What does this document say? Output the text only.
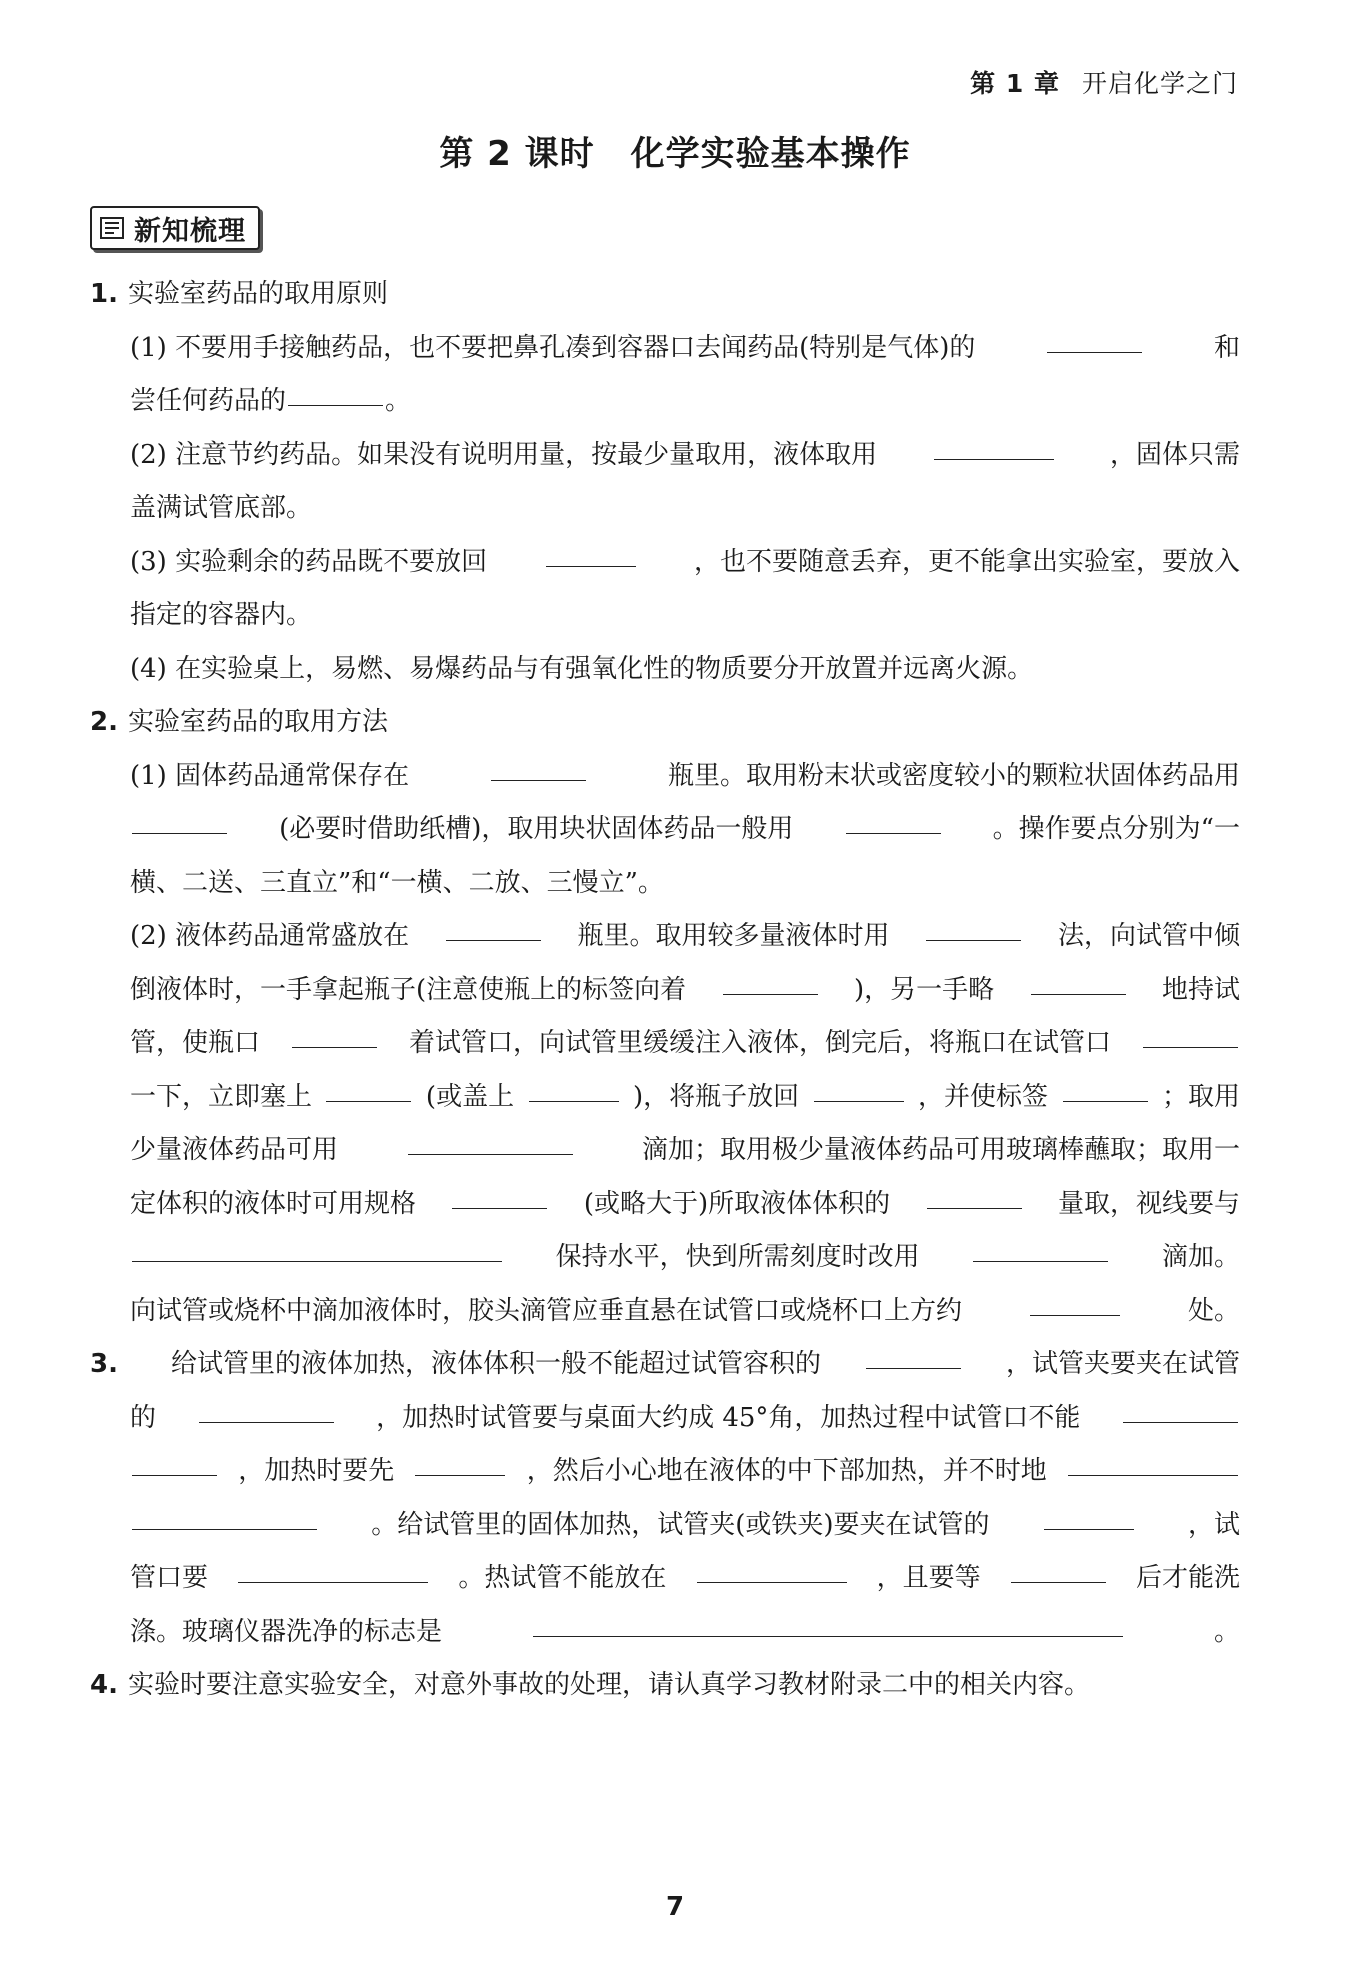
第 1 章 开启化学之门
第 2 课时 化学实验基本操作
新知梳理
1. 实验室药品的取用原则
(1) 不要用手接触药品，也不要把鼻孔凑到容器口去闻药品(特别是气体)的	和
尝任何药品的	。
(2) 注意节约药品。如果没有说明用量，按最少量取用，液体取用	，固体只需
盖满试管底部。
(3) 实验剩余的药品既不要放回	，也不要随意丢弃，更不能拿出实验室，要放入
指定的容器内。
(4) 在实验桌上，易燃、易爆药品与有强氧化性的物质要分开放置并远离火源。
2. 实验室药品的取用方法
(1) 固体药品通常保存在	瓶里。取用粉末状或密度较小的颗粒状固体药品用
(必要时借助纸槽)，取用块状固体药品一般用	。操作要点分别为“一
横、二送、三直立”和“一横、二放、三慢立”。
(2) 液体药品通常盛放在	瓶里。取用较多量液体时用	法，向试管中倾
倒液体时，一手拿起瓶子(注意使瓶上的标签向着	)，另一手略	地持试
管，使瓶口	着试管口，向试管里缓缓注入液体，倒完后，将瓶口在试管口
一下，立即塞上	(或盖上	)，将瓶子放回	，并使标签	；取用
少量液体药品可用	滴加；取用极少量液体药品可用玻璃棒蘸取；取用一
定体积的液体时可用规格	(或略大于)所取液体体积的	量取，视线要与
保持水平，快到所需刻度时改用	滴加。
向试管或烧杯中滴加液体时，胶头滴管应垂直悬在试管口或烧杯口上方约	处。
3. 给试管里的液体加热，液体体积一般不能超过试管容积的	，试管夹要夹在试管
的	，加热时试管要与桌面大约成 45°角，加热过程中试管口不能
，加热时要先	，然后小心地在液体的中下部加热，并不时地
。给试管里的固体加热，试管夹(或铁夹)要夹在试管的	，试
管口要	。热试管不能放在	，且要等	后才能洗
涤。玻璃仪器洗净的标志是	。
4. 实验时要注意实验安全，对意外事故的处理，请认真学习教材附录二中的相关内容。
7
